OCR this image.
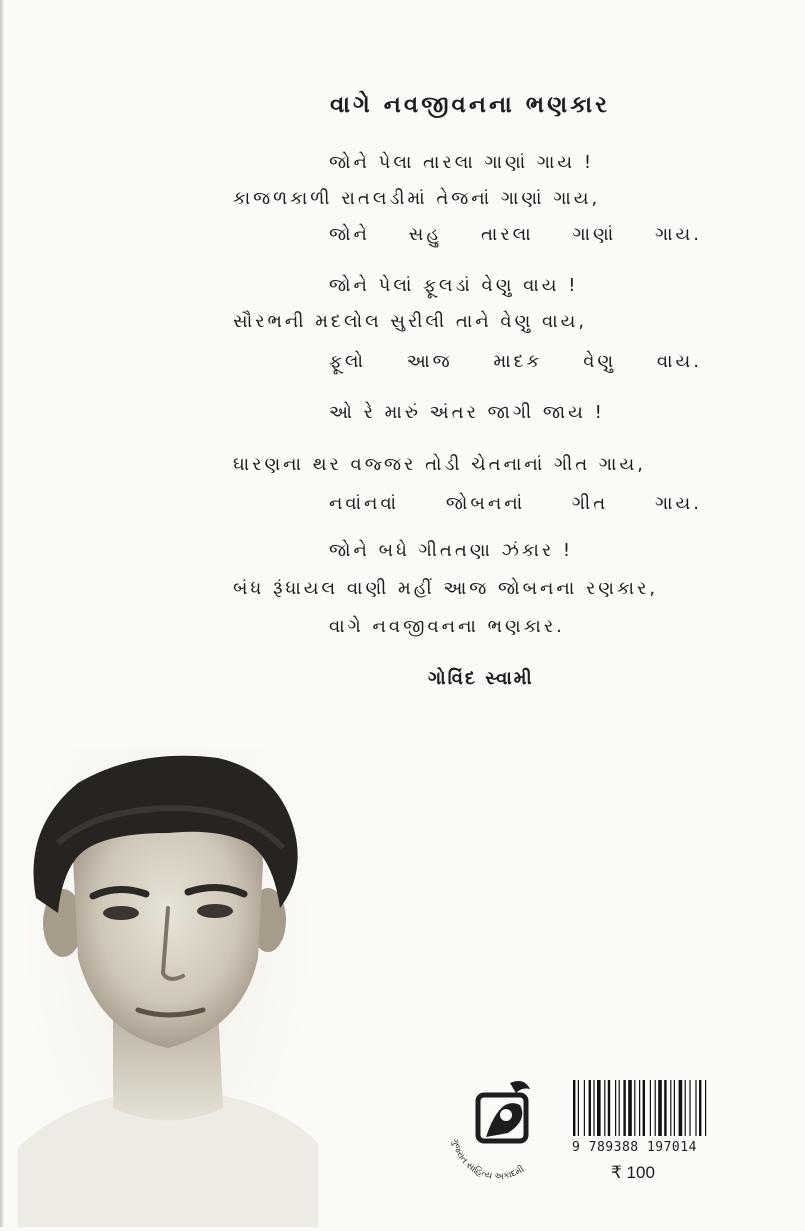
વાગે નવજીવનના ભણકાર
જોને પેલા તારલા ગાણાં ગાય !
કાજળકાળી રાતલડીમાં તેજનાં ગાણાં ગાય,
જોને સહુ તારલા ગાણાં ગાય.
જોને પેલાં ફૂલડાં વેણુ વાય !
સૌરભની મદલોલ સુરીલી તાને વેણુ વાય,
ફૂલો આજ માદક વેણુ વાય.
ઓ રે મારું અંતર જાગી જાય !
ઘારણના થર વજ્જર તોડી ચેતનાનાં ગીત ગાય,
નવાંનવાં	જોબનનાં	ગીત	ગાય.
જોને બધે ગીતતણા ઝંકાર !
બંધ રૂંધાયલ વાણી મહીં આજ જોબનના રણકાર,
વાગે નવજીવનના ભણકાર.
ગોવિંદ સ્વામી
ગુજરાત સાહિત્ય અકાદમી
9 789388 197014
₹ 100
